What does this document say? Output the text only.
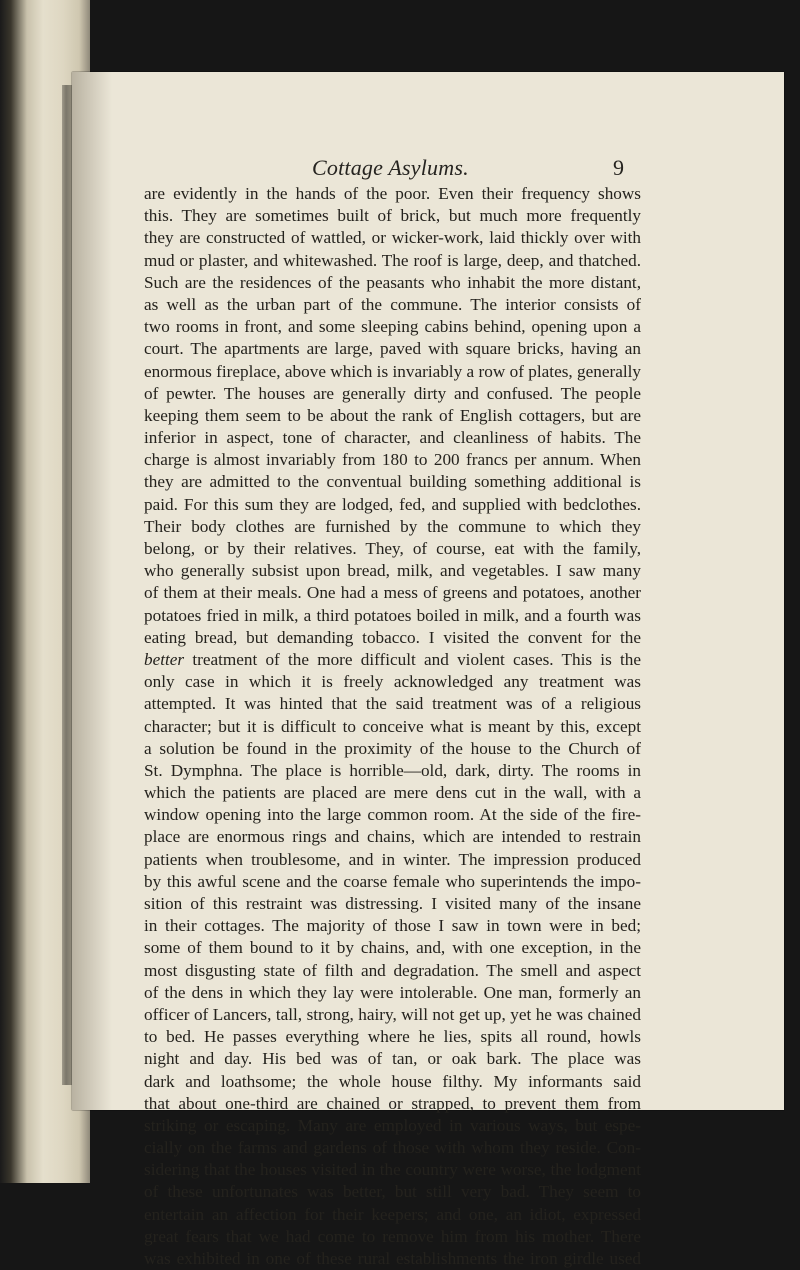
Cottage Asylums.	9
are evidently in the hands of the poor. Even their frequency shows
this. They are sometimes built of brick, but much more frequently
they are constructed of wattled, or wicker-work, laid thickly over with
mud or plaster, and whitewashed. The roof is large, deep, and thatched.
Such are the residences of the peasants who inhabit the more distant,
as well as the urban part of the commune. The interior consists of
two rooms in front, and some sleeping cabins behind, opening upon a
court. The apartments are large, paved with square bricks, having an
enormous fireplace, above which is invariably a row of plates, generally
of pewter. The houses are generally dirty and confused. The people
keeping them seem to be about the rank of English cottagers, but are
inferior in aspect, tone of character, and cleanliness of habits. The
charge is almost invariably from 180 to 200 francs per annum. When
they are admitted to the conventual building something additional is
paid. For this sum they are lodged, fed, and supplied with bedclothes.
Their body clothes are furnished by the commune to which they
belong, or by their relatives. They, of course, eat with the family,
who generally subsist upon bread, milk, and vegetables. I saw many
of them at their meals. One had a mess of greens and potatoes, another
potatoes fried in milk, a third potatoes boiled in milk, and a fourth was
eating bread, but demanding tobacco. I visited the convent for the
better treatment of the more difficult and violent cases. This is the
only case in which it is freely acknowledged any treatment was
attempted. It was hinted that the said treatment was of a religious
character; but it is difficult to conceive what is meant by this, except
a solution be found in the proximity of the house to the Church of
St. Dymphna. The place is horrible—old, dark, dirty. The rooms in
which the patients are placed are mere dens cut in the wall, with a
window opening into the large common room. At the side of the fire-
place are enormous rings and chains, which are intended to restrain
patients when troublesome, and in winter. The impression produced
by this awful scene and the coarse female who superintends the impo-
sition of this restraint was distressing. I visited many of the insane
in their cottages. The majority of those I saw in town were in bed;
some of them bound to it by chains, and, with one exception, in the
most disgusting state of filth and degradation. The smell and aspect
of the dens in which they lay were intolerable. One man, formerly an
officer of Lancers, tall, strong, hairy, will not get up, yet he was chained
to bed. He passes everything where he lies, spits all round, howls
night and day. His bed was of tan, or oak bark. The place was
dark and loathsome; the whole house filthy. My informants said
that about one-third are chained or strapped, to prevent them from
striking or escaping. Many are employed in various ways, but espe-
cially on the farms and gardens of those with whom they reside. Con-
sidering that the houses visited in the country were worse, the lodgment
of these unfortunates was better, but still very bad. They seem to
entertain an affection for their keepers; and one, an idiot, expressed
great fears that we had come to remove him from his mother. There
was exhibited in one of these rural establishments the iron girdle used
